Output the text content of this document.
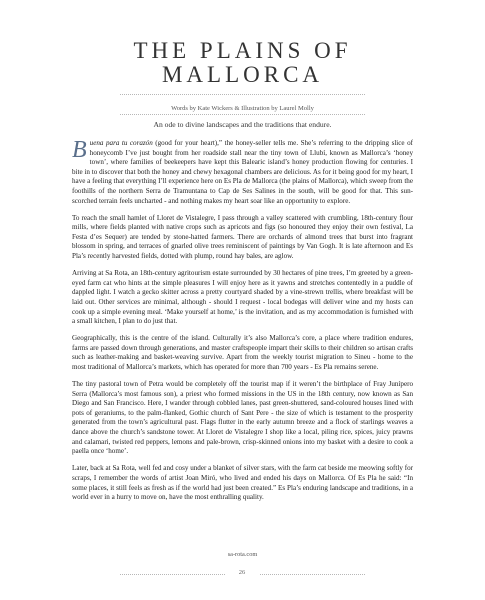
THE PLAINS OF
MALLORCA
Words by Kate Wickers & Illustration by Laurel Molly
An ode to divine landscapes and the traditions that endure.

Buena para tu corazón (good for your heart),” the honey-seller tells me. She’s referring to the dripping slice of honeycomb I’ve just bought from her roadside stall near the tiny town of Llubí, known as Mallorca’s ‘honey town’, where families of beekeepers have kept this Balearic island’s honey production flowing for centuries. I bite in to discover that both the honey and chewy hexagonal chambers are delicious. As for it being good for my heart, I have a feeling that everything I’ll experience here on Es Pla de Mallorca (the plains of Mallorca), which sweep from the foothills of the northern Serra de Tramuntana to Cap de Ses Salines in the south, will be good for that. This sun-scorched terrain feels uncharted - and nothing makes my heart soar like an opportunity to explore.

To reach the small hamlet of Lloret de Vistalegre, I pass through a valley scattered with crumbling, 18th-century flour mills, where fields planted with native crops such as apricots and figs (so honoured they enjoy their own festival, La Festa d’es Sequer) are tended by stone-hatted farmers. There are orchards of almond trees that burst into fragrant blossom in spring, and terraces of gnarled olive trees reminiscent of paintings by Van Gogh. It is late afternoon and Es Pla’s recently harvested fields, dotted with plump, round hay bales, are aglow.

Arriving at Sa Rota, an 18th-century agritourism estate surrounded by 30 hectares of pine trees, I’m greeted by a green-eyed farm cat who hints at the simple pleasures I will enjoy here as it yawns and stretches contentedly in a puddle of dappled light. I watch a gecko skitter across a pretty courtyard shaded by a vine-strewn trellis, where breakfast will be laid out. Other services are minimal, although - should I request - local bodegas will deliver wine and my hosts can cook up a simple evening meal. ‘Make yourself at home,’ is the invitation, and as my accommodation is furnished with a small kitchen, I plan to do just that.

Geographically, this is the centre of the island. Culturally it’s also Mallorca’s core, a place where tradition endures, farms are passed down through generations, and master craftspeople impart their skills to their children so artisan crafts such as leather-making and basket-weaving survive. Apart from the weekly tourist migration to Sineu - home to the most traditional of Mallorca’s markets, which has operated for more than 700 years - Es Pla remains serene.

The tiny pastoral town of Petra would be completely off the tourist map if it weren’t the birthplace of Fray Junípero Serra (Mallorca’s most famous son), a priest who formed missions in the US in the 18th century, now known as San Diego and San Francisco. Here, I wander through cobbled lanes, past green-shuttered, sand-coloured houses lined with pots of geraniums, to the palm-flanked, Gothic church of Sant Pere - the size of which is testament to the prosperity generated from the town’s agricultural past. Flags flutter in the early autumn breeze and a flock of starlings weaves a dance above the church’s sandstone tower. At Lloret de Vistalegre I shop like a local, piling rice, spices, juicy prawns and calamari, twisted red peppers, lemons and pale-brown, crisp-skinned onions into my basket with a desire to cook a paella once ‘home’.

Later, back at Sa Rota, well fed and cosy under a blanket of silver stars, with the farm cat beside me meowing softly for scraps, I remember the words of artist Joan Miró, who lived and ended his days on Mallorca. Of Es Pla he said: “In some places, it still feels as fresh as if the world had just been created.” Es Pla’s enduring landscape and traditions, in a world ever in a hurry to move on, have the most enthralling quality.

sa-rota.com
26
